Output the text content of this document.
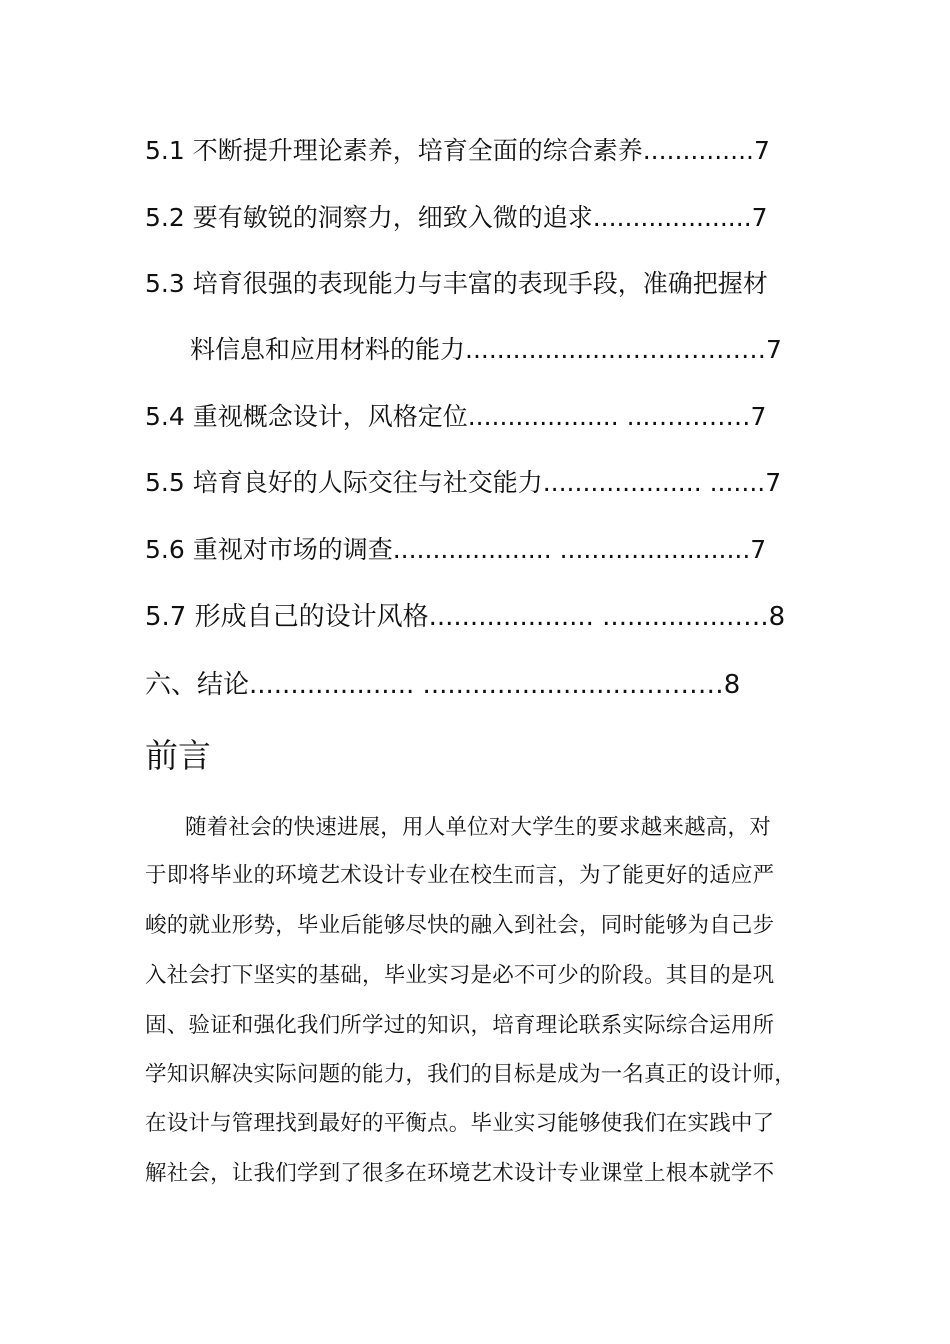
5.1 不断提升理论素养，培育全面的综合素养..............7
5.2 要有敏锐的洞察力，细致入微的追求....................7
5.3 培育很强的表现能力与丰富的表现手段，准确把握材
料信息和应用材料的能力...................………………7
5.4 重视概念设计，风格定位................... ...…………7
5.5 培育良好的人际交往与社交能力.................... .......7
5.6 重视对市场的调查.................... ........................7
5.7 形成自己的设计风格.................... ................….8
六、结论.................... ..........................….……8
前言
随着社会的快速进展，用人单位对大学生的要求越来越高，对
于即将毕业的环境艺术设计专业在校生而言，为了能更好的适应严
峻的就业形势，毕业后能够尽快的融入到社会，同时能够为自己步
入社会打下坚实的基础，毕业实习是必不可少的阶段。其目的是巩
固、验证和强化我们所学过的知识，培育理论联系实际综合运用所
学知识解决实际问题的能力，我们的目标是成为一名真正的设计师，
在设计与管理找到最好的平衡点。毕业实习能够使我们在实践中了
解社会，让我们学到了很多在环境艺术设计专业课堂上根本就学不
